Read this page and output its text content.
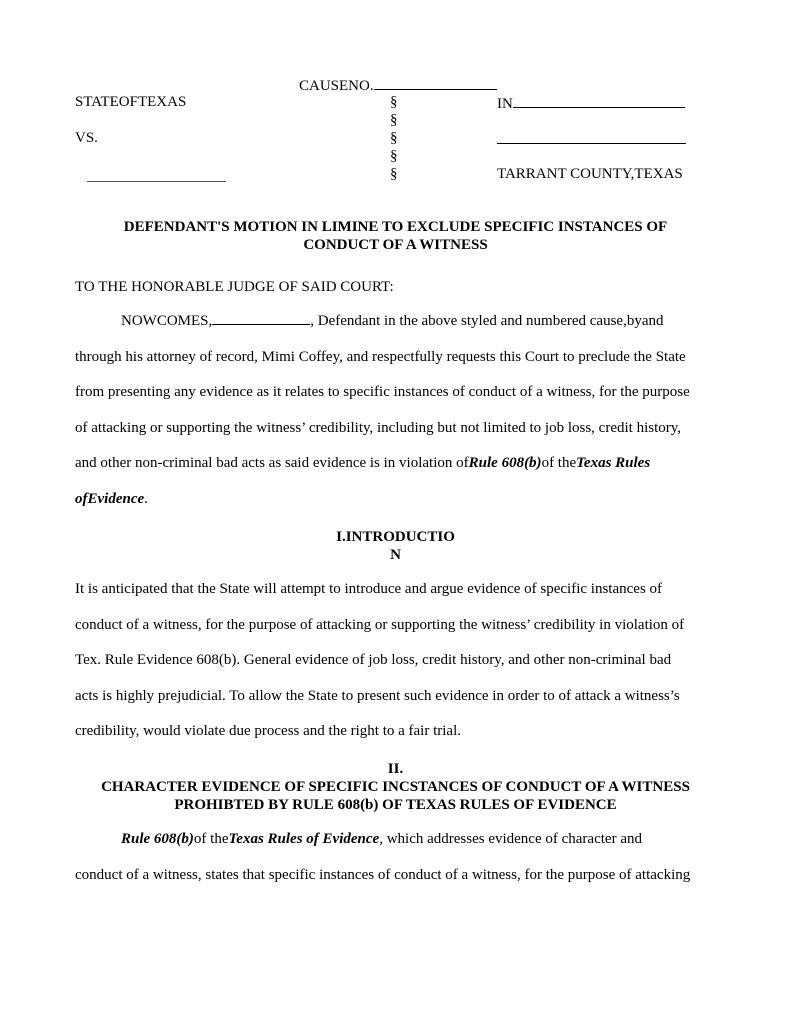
CAUSENO.
STATEOFTEXAS
VS.
§
§
§
§
§
IN
TARRANT COUNTY,TEXAS
DEFENDANT'S MOTION IN LIMINE TO EXCLUDE SPECIFIC INSTANCES OF
CONDUCT OF A WITNESS
TO THE HONORABLE JUDGE OF SAID COURT:
NOWCOMES,	, Defendant in the above styled and numbered cause,byand
through his attorney of record, Mimi Coffey, and respectfully requests this Court to preclude the State
from presenting any evidence as it relates to specific instances of conduct of a witness, for the purpose
of attacking or supporting the witness’ credibility, including but not limited to job loss, credit history,
and other non-criminal bad acts as said evidence is in violation ofRule 608(b)of theTexas Rules
ofEvidence.
I.INTRODUCTIO
N
It is anticipated that the State will attempt to introduce and argue evidence of specific instances of
conduct of a witness, for the purpose of attacking or supporting the witness’ credibility in violation of
Tex. Rule Evidence 608(b). General evidence of job loss, credit history, and other non-criminal bad
acts is highly prejudicial. To allow the State to present such evidence in order to of attack a witness’s
credibility, would violate due process and the right to a fair trial.
II.
CHARACTER EVIDENCE OF SPECIFIC INCSTANCES OF CONDUCT OF A WITNESS
PROHIBTED BY RULE 608(b) OF TEXAS RULES OF EVIDENCE
Rule 608(b)of theTexas Rules of Evidence, which addresses evidence of character and
conduct of a witness, states that specific instances of conduct of a witness, for the purpose of attacking
